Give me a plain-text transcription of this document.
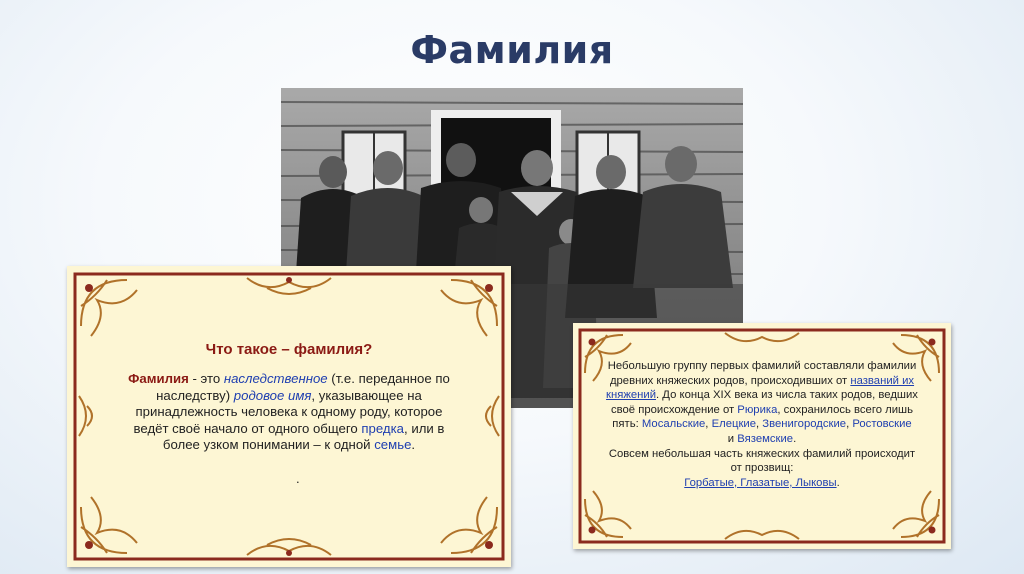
Фамилия
Что такое – фамилия?
Фамилия - это наследственное (т.е. переданное по наследству) родовое имя, указывающее на принадлежность человека к одному роду, которое ведёт своё начало от одного общего предка, или в более узком понимании – к одной семье.
.
Небольшую группу первых фамилий составляли фамилии древних княжеских родов, происходивших от названий их княжений. До конца XIX века из числа таких родов, ведших своё происхождение от Рюрика, сохранилось всего лишь пять: Мосальские, Елецкие, Звенигородские, Ростовские
и Вяземские.
Совсем небольшая часть княжеских фамилий происходит от прозвищ:
Горбатые, Глазатые, Лыковы.
